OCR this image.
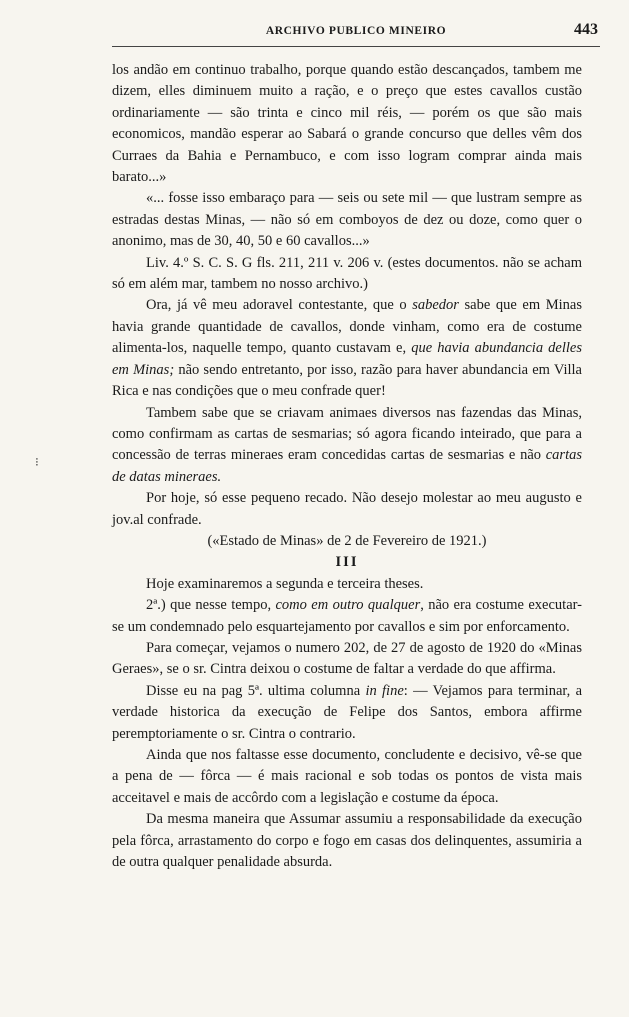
ARCHIVO PUBLICO MINEIRO	443
⁝

los andão em continuo trabalho, porque quando estão descançados, tambem me dizem, elles diminuem muito a ração, e o preço que estes cavallos custão ordinariamente — são trinta e cinco mil réis, — porém os que são mais economicos, mandão esperar ao Sabará o grande concurso que delles vêm dos Curraes da Bahia e Pernambuco, e com isso logram comprar ainda mais barato...»

«... fosse isso embaraço para — seis ou sete mil — que lustram sempre as estradas destas Minas, — não só em comboyos de dez ou doze, como quer o anonimo, mas de 30, 40, 50 e 60 cavallos...»

Liv. 4.º S. C. S. G fls. 211, 211 v. 206 v. (estes documentos. não se acham só em além mar, tambem no nosso archivo.)

Ora, já vê meu adoravel contestante, que o sabedor sabe que em Minas havia grande quantidade de cavallos, donde vinham, como era de costume alimenta-los, naquelle tempo, quanto custavam e, que havia abundancia delles em Minas; não sendo entretanto, por isso, razão para haver abundancia em Villa Rica e nas condições que o meu confrade quer!

Tambem sabe que se criavam animaes diversos nas fazendas das Minas, como confirmam as cartas de sesmarias; só agora ficando inteirado, que para a concessão de terras mineraes eram concedidas cartas de sesmarias e não cartas de datas mineraes.

Por hoje, só esse pequeno recado. Não desejo molestar ao meu augusto e jov.al confrade.

(«Estado de Minas» de 2 de Fevereiro de 1921.)

III

Hoje examinaremos a segunda e terceira theses.

2ª.) que nesse tempo, como em outro qualquer, não era costume executar-se um condemnado pelo esquartejamento por cavallos e sim por enforcamento.

Para começar, vejamos o numero 202, de 27 de agosto de 1920 do «Minas Geraes», se o sr. Cintra deixou o costume de faltar a verdade do que affirma.

Disse eu na pag 5ª. ultima columna in fine: — Vejamos para terminar, a verdade historica da execução de Felipe dos Santos, embora affirme peremptoriamente o sr. Cintra o contrario.

Ainda que nos faltasse esse documento, concludente e decisivo, vê-se que a pena de — fôrca — é mais racional e sob todas os pontos de vista mais acceitavel e mais de accôrdo com a legislação e costume da época.

Da mesma maneira que Assumar assumiu a responsabilidade da execução pela fôrca, arrastamento do corpo e fogo em casas dos delinquentes, assumiria a de outra qualquer penalidade absurda.
